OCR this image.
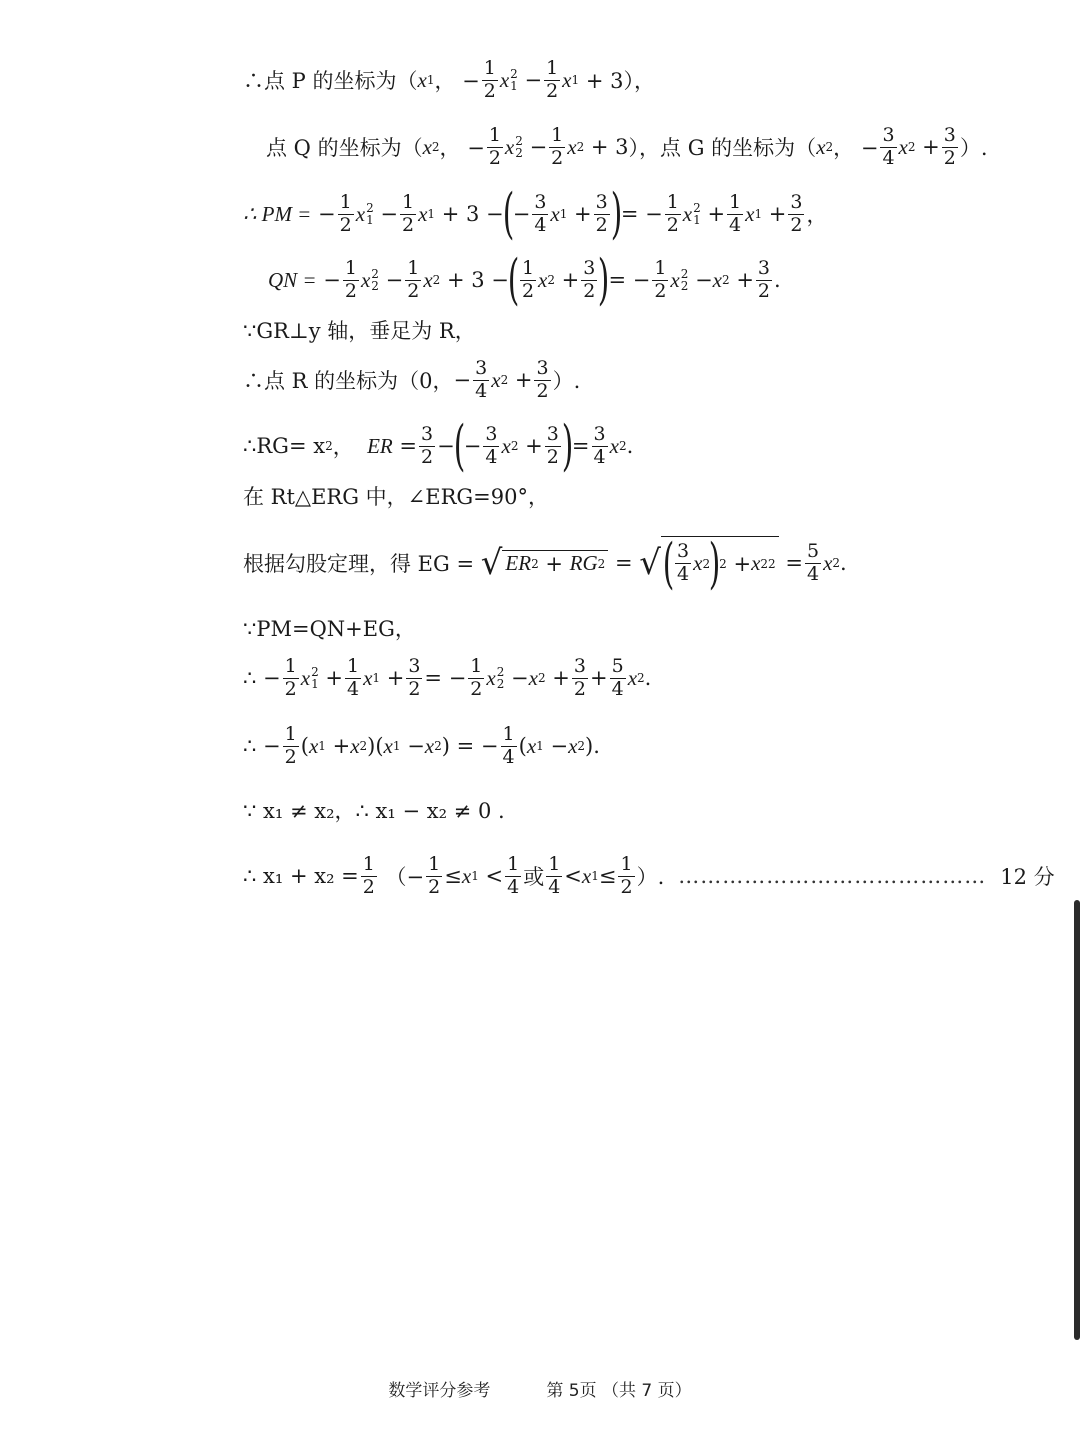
∴点 P 的坐标为（ x 1 ， − $\frac{1}{2}$ x 2
$1 - \frac{1}{2}$ x 1 + 3），
点 Q 的坐标为（ x 2 ， − $\frac{1}{2}$ x 2
$2 - \frac{1}{2}$ x 2 + 3 ），点 G 的坐标为（ x 2 ， − $\frac{3}{4}$ x $2 + \frac{3}{2}$ ）.
∴ PM = − $\frac{1}{2}$ x 2
$1 - \frac{1}{2}$ x 1 + 3 −
(
− $\frac{3}{4}$ x $1 + \frac{3}{2}$ )
= − $\frac{1}{2}$ x 2
$1 + \frac{1}{4}$ x $1 + \frac{3}{2}$ ，
QN = − $\frac{1}{2}$ x 2
$2 - \frac{1}{2}$ x 2 + 3 −
( $\frac{1}{2}$ x $2 + \frac{3}{2}$ )
= − $\frac{1}{2}$ x 2
2 − x $2 + \frac{3}{2}$ .
∵GR⊥y 轴，垂足为 R，
∴点 R 的坐标为（0， − $\frac{3}{4}$ x $2 + \frac{3}{2}$ ）.
∴RG= x 2 ， ER = $\frac{3}{2}$ −
(
− $\frac{3}{4}$ x $2 + \frac{3}{2}$ )
= $\frac{3}{4}$ x 2 .
在 Rt△ERG 中，∠ERG=90°，
根据勾股定理，得 EG =
√ ER 2 + RG 2 = √ ( $\frac{3}{4}$ x 2
)
2 + x 2 $2 = \frac{5}{4}$ x 2 .
∵PM=QN+EG，
∴ − $\frac{1}{2}$ x 2
$1 + \frac{1}{4}$ x $1 + \frac{3}{2}$ = − $\frac{1}{2}$ x 2
2 − x $2 + \frac{3}{2} + \frac{5}{4}$ x 2 .
∴ − $\frac{1}{2}$ ( x 1 + x 2 )( x 1 − x 2 ) = − $\frac{1}{4}$ ( x 1 − x 2 ).
∵ x₁ ≠ x₂，∴ x₁ − x₂ ≠ 0 .
∴ $x_1 + x_2 = \frac{1}{2}$ （− $\frac{1}{2} \le x$ $1 < \frac{1}{4}$ 或 $\frac{1}{4} < x$ $1 \le \frac{1}{2}$ ）. …………………………………… 12 分
数学评分参考	第 5页 （共 7 页）
